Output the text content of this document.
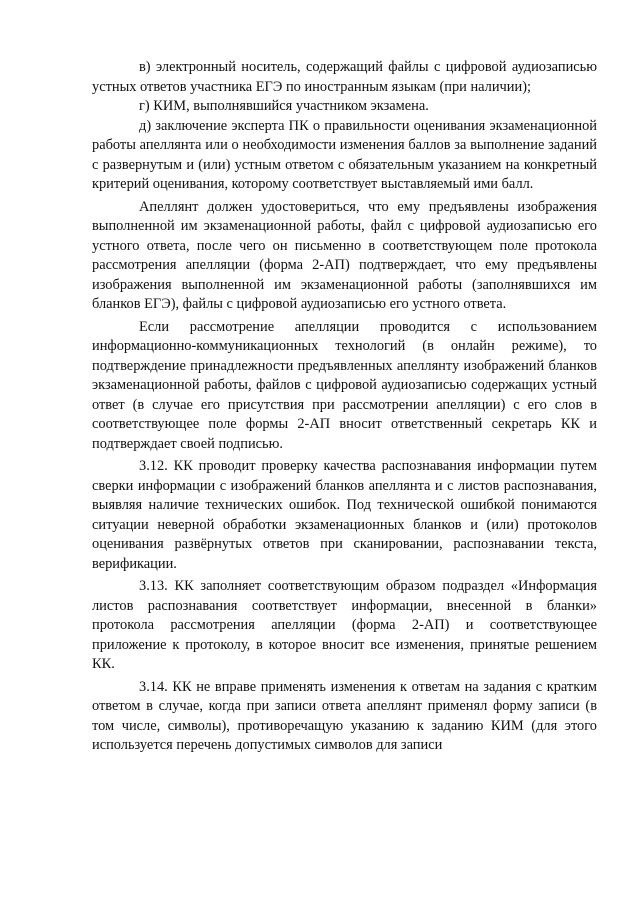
в) электронный носитель, содержащий файлы с цифровой аудиозаписью устных ответов участника ЕГЭ по иностранным языкам (при наличии);

г) КИМ, выполнявшийся участником экзамена.

д) заключение эксперта ПК о правильности оценивания экзаменационной работы апеллянта или о необходимости изменения баллов за выполнение заданий с развернутым и (или) устным ответом с обязательным указанием на конкретный критерий оценивания, которому соответствует выставляемый ими балл.

Апеллянт должен удостовериться, что ему предъявлены изображения выполненной им экзаменационной работы, файл с цифровой аудиозаписью его устного ответа, после чего он письменно в соответствующем поле протокола рассмотрения апелляции (форма 2-АП) подтверждает, что ему предъявлены изображения выполненной им экзаменационной работы (заполнявшихся им бланков ЕГЭ), файлы с цифровой аудиозаписью его устного ответа.

Если рассмотрение апелляции проводится с использованием информационно-коммуникационных технологий (в онлайн режиме), то подтверждение принадлежности предъявленных апеллянту изображений бланков экзаменационной работы, файлов с цифровой аудиозаписью содержащих устный ответ (в случае его присутствия при рассмотрении апелляции) с его слов в соответствующее поле формы 2-АП вносит ответственный секретарь КК и подтверждает своей подписью.

3.12. КК проводит проверку качества распознавания информации путем сверки информации с изображений бланков апеллянта и с листов распознавания, выявляя наличие технических ошибок. Под технической ошибкой понимаются ситуации неверной обработки экзаменационных бланков и (или) протоколов оценивания развёрнутых ответов при сканировании, распознавании текста, верификации.

3.13. КК заполняет соответствующим образом подраздел «Информация листов распознавания соответствует информации, внесенной в бланки» протокола рассмотрения апелляции (форма 2-АП) и соответствующее приложение к протоколу, в которое вносит все изменения, принятые решением КК.

3.14. КК не вправе применять изменения к ответам на задания с кратким ответом в случае, когда при записи ответа апеллянт применял форму записи (в том числе, символы), противоречащую указанию к заданию КИМ (для этого используется перечень допустимых символов для записи
